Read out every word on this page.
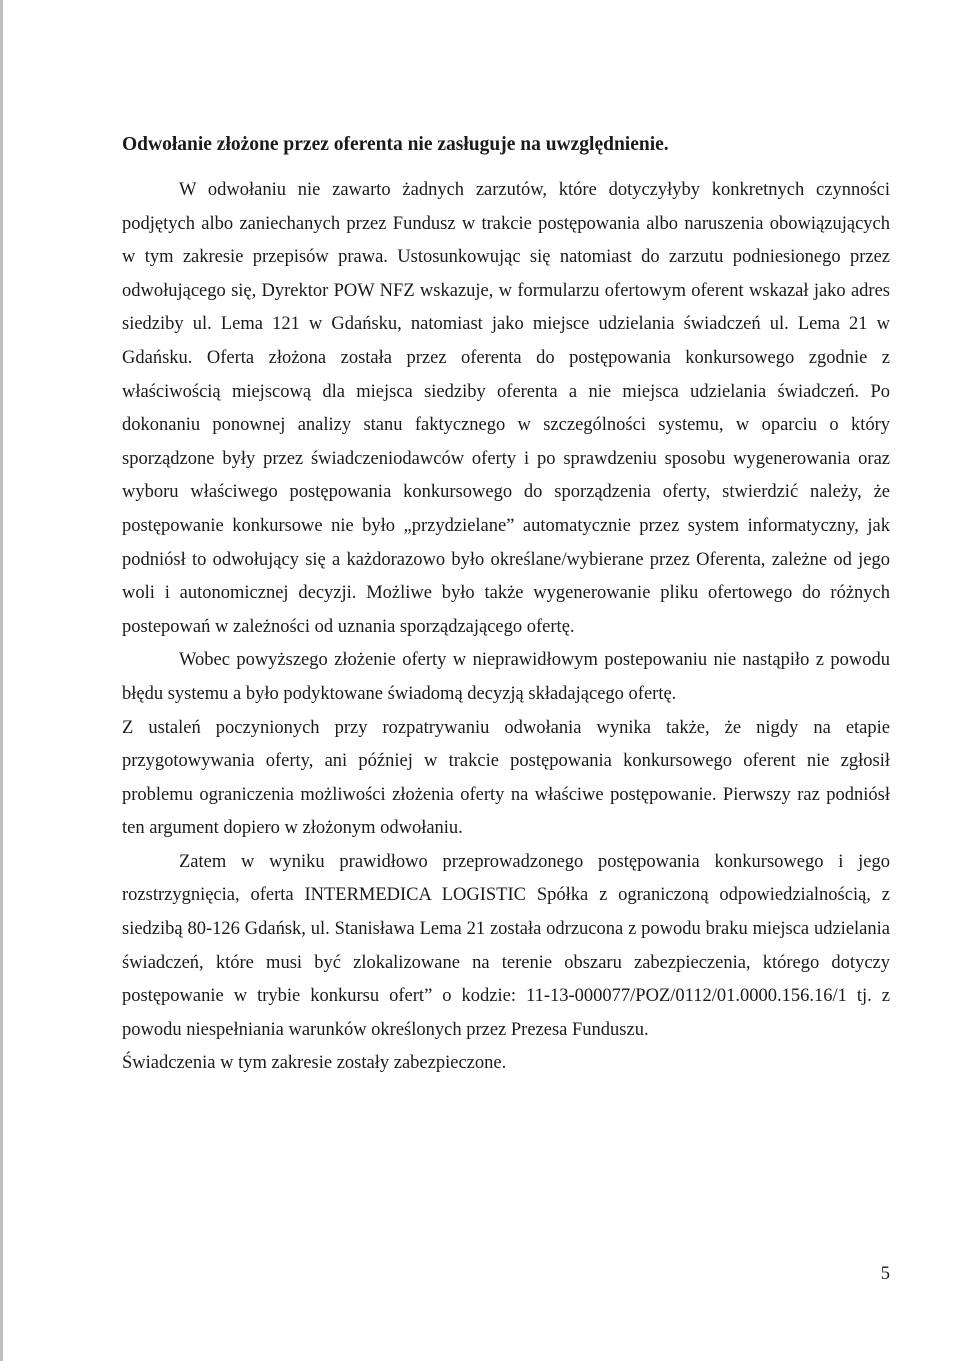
Odwołanie złożone przez oferenta nie zasługuje na uwzględnienie.

W odwołaniu nie zawarto żadnych zarzutów, które dotyczyłyby konkretnych czynności podjętych albo zaniechanych przez Fundusz w trakcie postępowania albo naruszenia obowiązujących w tym zakresie przepisów prawa. Ustosunkowując się natomiast do zarzutu podniesionego przez odwołującego się, Dyrektor POW NFZ wskazuje, w formularzu ofertowym oferent wskazał jako adres siedziby ul. Lema 121 w Gdańsku, natomiast jako miejsce udzielania świadczeń ul. Lema 21 w Gdańsku. Oferta złożona została przez oferenta do postępowania konkursowego zgodnie z właściwością miejscową dla miejsca siedziby oferenta a nie miejsca udzielania świadczeń. Po dokonaniu ponownej analizy stanu faktycznego w szczególności systemu, w oparciu o który sporządzone były przez świadczeniodawców oferty i po sprawdzeniu sposobu wygenerowania oraz wyboru właściwego postępowania konkursowego do sporządzenia oferty, stwierdzić należy, że postępowanie konkursowe nie było „przydzielane” automatycznie przez system informatyczny, jak podniósł to odwołujący się a każdorazowo było określane/wybierane przez Oferenta, zależne od jego woli i autonomicznej decyzji. Możliwe było także wygenerowanie pliku ofertowego do różnych postepowań w zależności od uznania sporządzającego ofertę.

Wobec powyższego złożenie oferty w nieprawidłowym postepowaniu nie nastąpiło z powodu błędu systemu a było podyktowane świadomą decyzją składającego ofertę.

Z ustaleń poczynionych przy rozpatrywaniu odwołania wynika także, że nigdy na etapie przygotowywania oferty, ani później w trakcie postępowania konkursowego oferent nie zgłosił problemu ograniczenia możliwości złożenia oferty na właściwe postępowanie. Pierwszy raz podniósł ten argument dopiero w złożonym odwołaniu.

Zatem w wyniku prawidłowo przeprowadzonego postępowania konkursowego i jego rozstrzygnięcia, oferta INTERMEDICA LOGISTIC Spółka z ograniczoną odpowiedzialnością, z siedzibą 80-126 Gdańsk, ul. Stanisława Lema 21 została odrzucona z powodu braku miejsca udzielania świadczeń, które musi być zlokalizowane na terenie obszaru zabezpieczenia, którego dotyczy postępowanie w trybie konkursu ofert” o kodzie: 11-13-000077/POZ/0112/01.0000.156.16/1 tj. z powodu niespełniania warunków określonych przez Prezesa Funduszu.

Świadczenia w tym zakresie zostały zabezpieczone.

5
